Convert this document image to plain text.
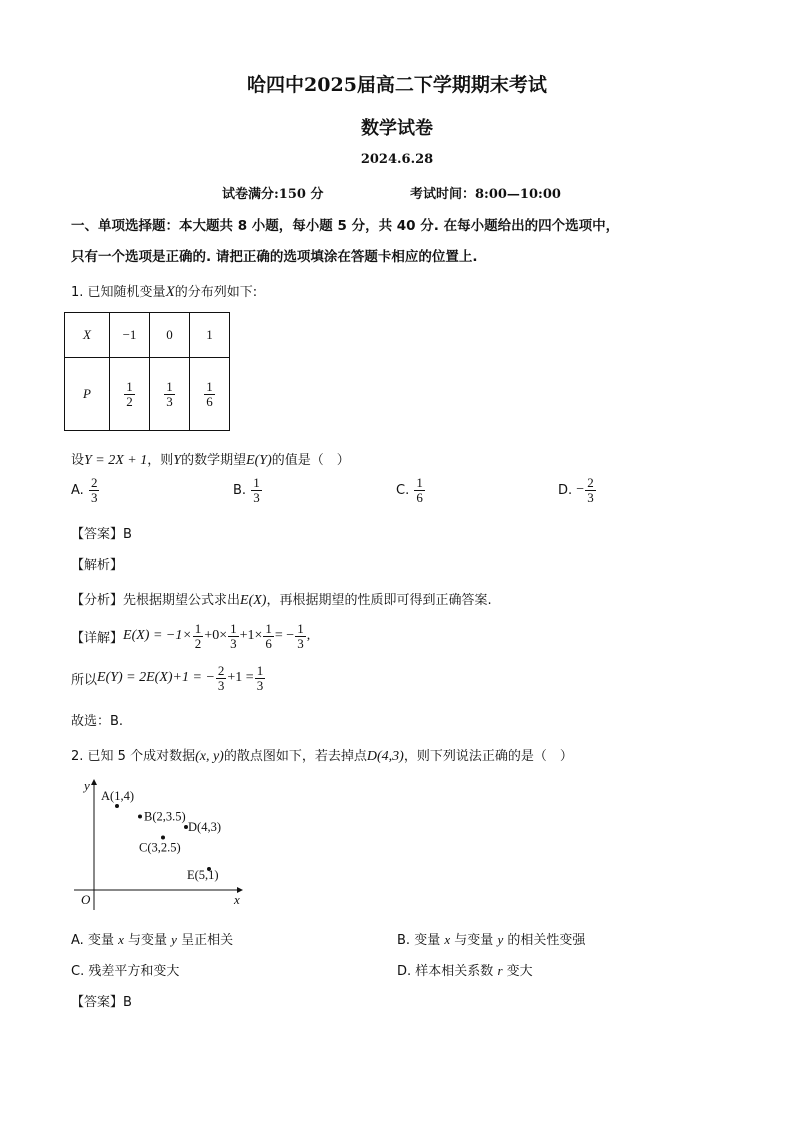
哈四中2025届高二下学期期末考试
数学试卷
2024.6.28
试卷满分:150 分	考试时间：8:00—10:00
一、单项选择题：本大题共 8 小题，每小题 5 分，共 40 分. 在每小题给出的四个选项中，
只有一个选项是正确的. 请把正确的选项填涂在答题卡相应的位置上.
1. 已知随机变量X的分布列如下:
X	−1	0	1
P	$\frac{1}{2}$	$\frac{1}{3}$	$\frac{1}{6}$
设Y = 2X + 1，则Y的数学期望E(Y)的值是（　）
A.
$\frac{2}{3}$	B.
$\frac{1}{3}$	C.
$\frac{1}{6}$	D.
− $\frac{2}{3}$
【答案】B
【解析】
【分析】先根据期望公式求出E(X)，再根据期望的性质即可得到正确答案.
【详解】 $E(X) = -1\times \frac{1}{2} +0\times \frac{1}{3} +1\times \frac{1}{6}$ = − $\frac{1}{3}$ ,
所以 E(Y) = 2E(X)+1 = − $\frac{2}{3} +1 = \frac{1}{3}$
故选：B.
2. 已知 5 个成对数据(x, y)的散点图如下，若去掉点D(4,3)，则下列说法正确的是（　）
x
y
O
A(1,4)
B(2,3.5)
C(3,2.5)
D(4,3)
E(5,1)
A. 变量 x 与变量 y 呈正相关	B. 变量 x 与变量 y 的相关性变强
C. 残差平方和变大	D. 样本相关系数 r 变大
【答案】B
